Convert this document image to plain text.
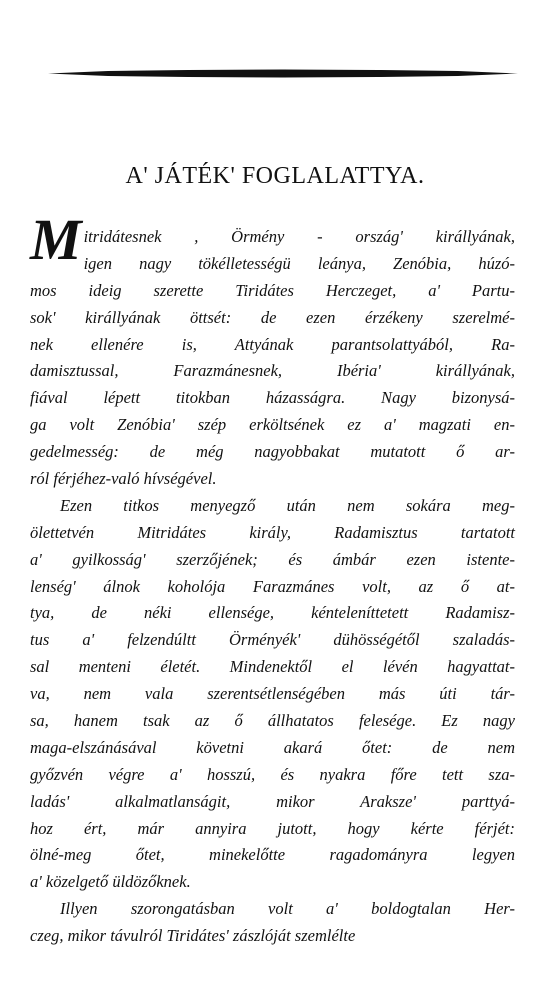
A' JÁTÉK' FOGLALATTYA.
M itridátesnek , Örmény - ország' királlyának,
igen nagy tökélletességü leánya, Zenóbia, húzó-
mos ideig szerette Tiridátes Herczeget, a' Partu-
sok' királlyának öttsét: de ezen érzékeny szerelmé-
nek ellenére is, Attyának parantsolattyából, Ra-
damisztussal, Farazmánesnek, Ibéria' királlyának,
fiával lépett titokban házasságra. Nagy bizonysá-
ga volt Zenóbia' szép erköltsének ez a' magzati en-
gedelmesség: de még nagyobbakat mutatott ő ar-
ról férjéhez-való hívségével.
Ezen titkos menyegző után nem sokára meg-
ölettetvén Mitridátes király, Radamisztus tartatott
a' gyilkosság' szerzőjének; és ámbár ezen istente-
lenség' álnok koholója Farazmánes volt, az ő at-
tya, de néki ellensége, kénteleníttetett Radamisz-
tus a' felzendúltt Örményék' dühösségétől szaladás-
sal menteni életét. Mindenektől el lévén hagyattat-
va, nem vala szerentsétlenségében más úti tár-
sa, hanem tsak az ő állhatatos felesége. Ez nagy
maga-elszánásával követni akará őtet: de nem
győzvén végre a' hosszú, és nyakra főre tett sza-
ladás' alkalmatlanságit, mikor Araksze' parttyá-
hoz ért, már annyira jutott, hogy kérte férjét:
ölné-meg őtet, minekelőtte ragadományra legyen
a' közelgető üldözőknek.
Illyen szorongatásban volt a' boldogtalan Her-
czeg, mikor távulról Tiridátes' zászlóját szemlélte
